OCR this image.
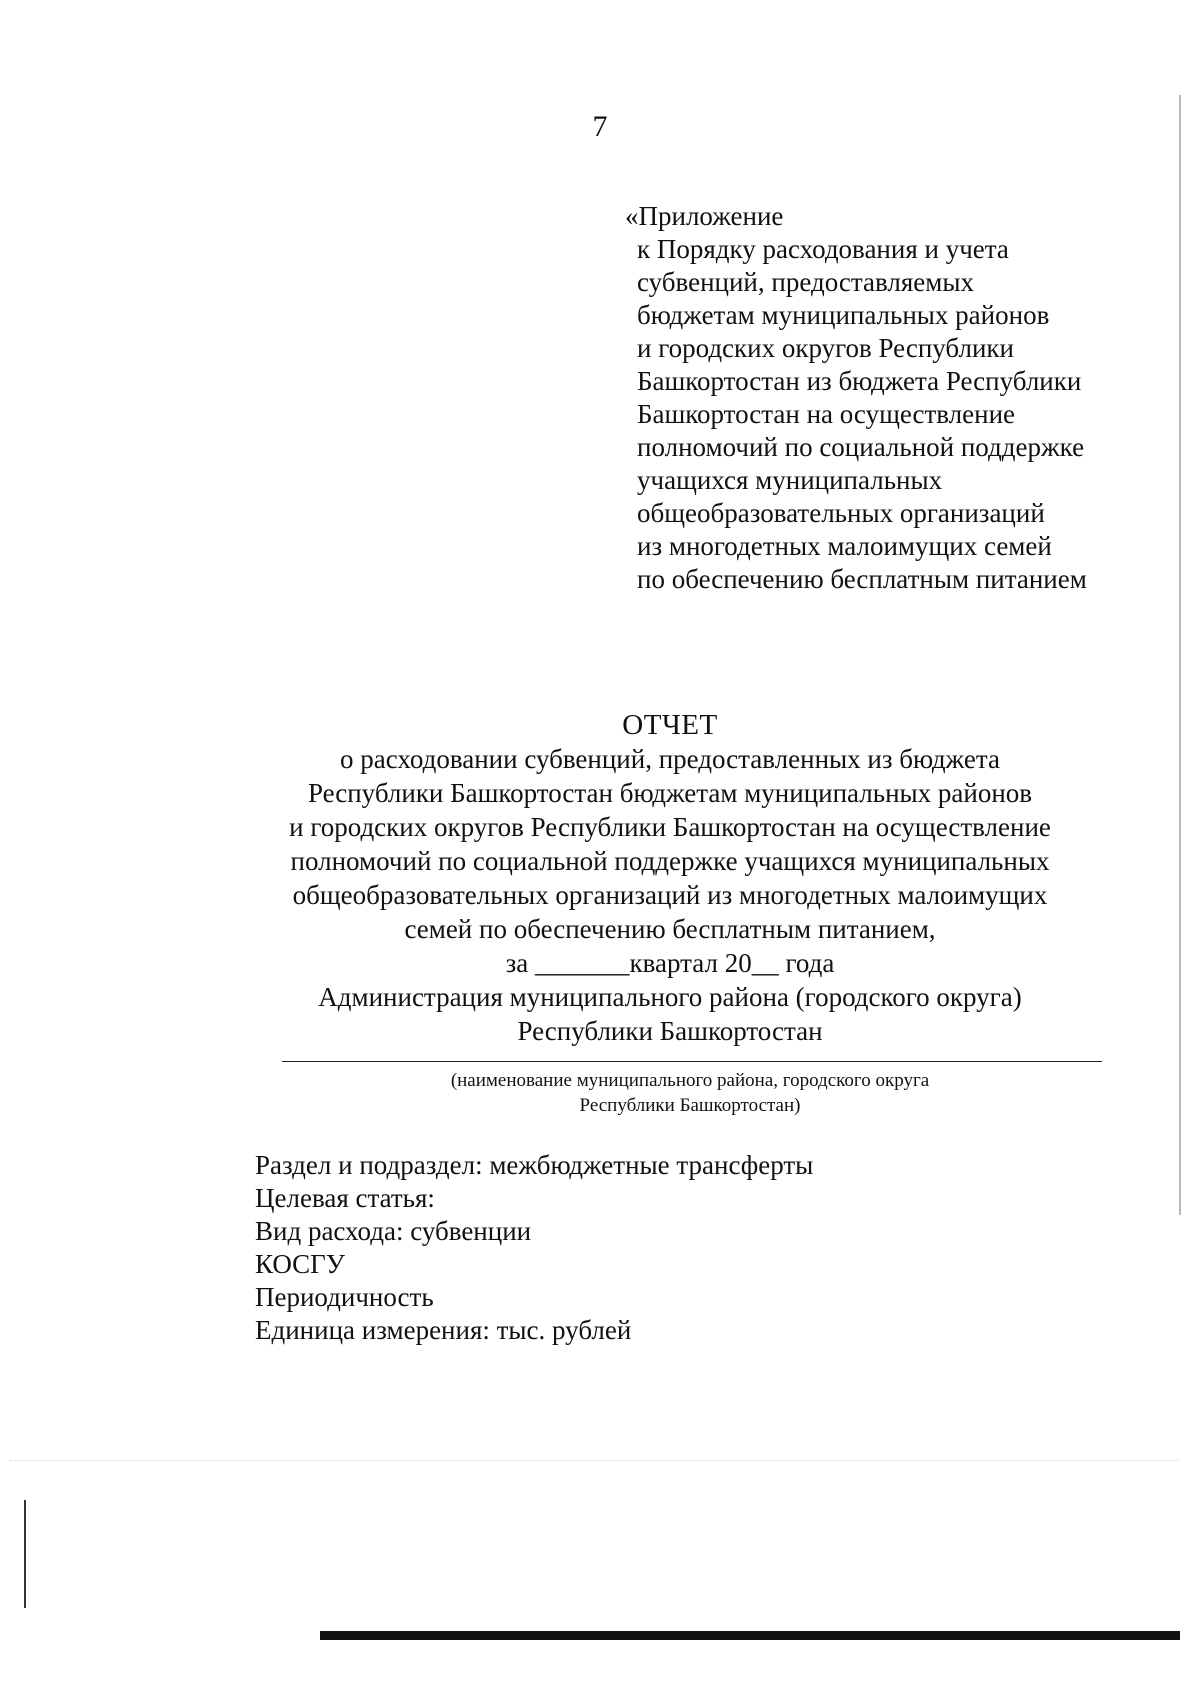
7
«Приложение
к Порядку расходования и учета
субвенций, предоставляемых
бюджетам муниципальных районов
и городских округов Республики
Башкортостан из бюджета Республики
Башкортостан на осуществление
полномочий по социальной поддержке
учащихся муниципальных
общеобразовательных организаций
из многодетных малоимущих семей
по обеспечению бесплатным питанием
ОТЧЕТ
о расходовании субвенций, предоставленных из бюджета
Республики Башкортостан бюджетам муниципальных районов
и городских округов Республики Башкортостан на осуществление
полномочий по социальной поддержке учащихся муниципальных
общеобразовательных организаций из многодетных малоимущих
семей по обеспечению бесплатным питанием,
за _______квартал 20__ года
Администрация муниципального района (городского округа)
Республики Башкортостан
(наименование муниципального района, городского округа
Республики Башкортостан)
Раздел и подраздел: межбюджетные трансферты
Целевая статья:
Вид расхода: субвенции
КОСГУ
Периодичность
Единица измерения: тыс. рублей
